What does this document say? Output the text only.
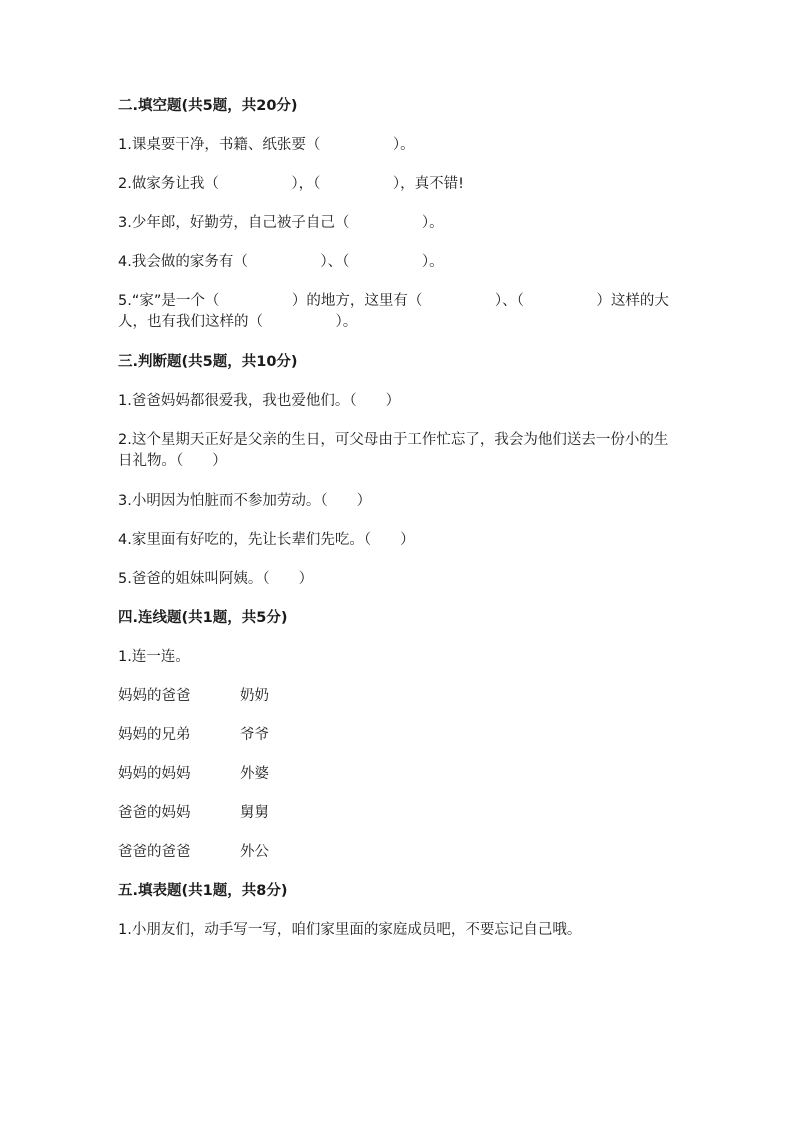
二.填空题(共5题，共20分)
1.课桌要干净，书籍、纸张要（　　　　　）。
2.做家务让我（　　　　　），（　　　　　），真不错!
3.少年郎，好勤劳，自己被子自己（　　　　　）。
4.我会做的家务有（　　　　　）、（　　　　　）。
5.“家”是一个（　　　　　）的地方，这里有（　　　　　）、（　　　　　）这样的大人，也有我们这样的（　　　　　）。
三.判断题(共5题，共10分)
1.爸爸妈妈都很爱我，我也爱他们。（　　）
2.这个星期天正好是父亲的生日，可父母由于工作忙忘了，我会为他们送去一份小的生日礼物。（　　）
3.小明因为怕脏而不参加劳动。（　　）
4.家里面有好吃的，先让长辈们先吃。（　　）
5.爸爸的姐妹叫阿姨。（　　）
四.连线题(共1题，共5分)
1.连一连。
妈妈的爸爸	奶奶
妈妈的兄弟	爷爷
妈妈的妈妈	外婆
爸爸的妈妈	舅舅
爸爸的爸爸	外公
五.填表题(共1题，共8分)
1.小朋友们，动手写一写，咱们家里面的家庭成员吧，不要忘记自己哦。
